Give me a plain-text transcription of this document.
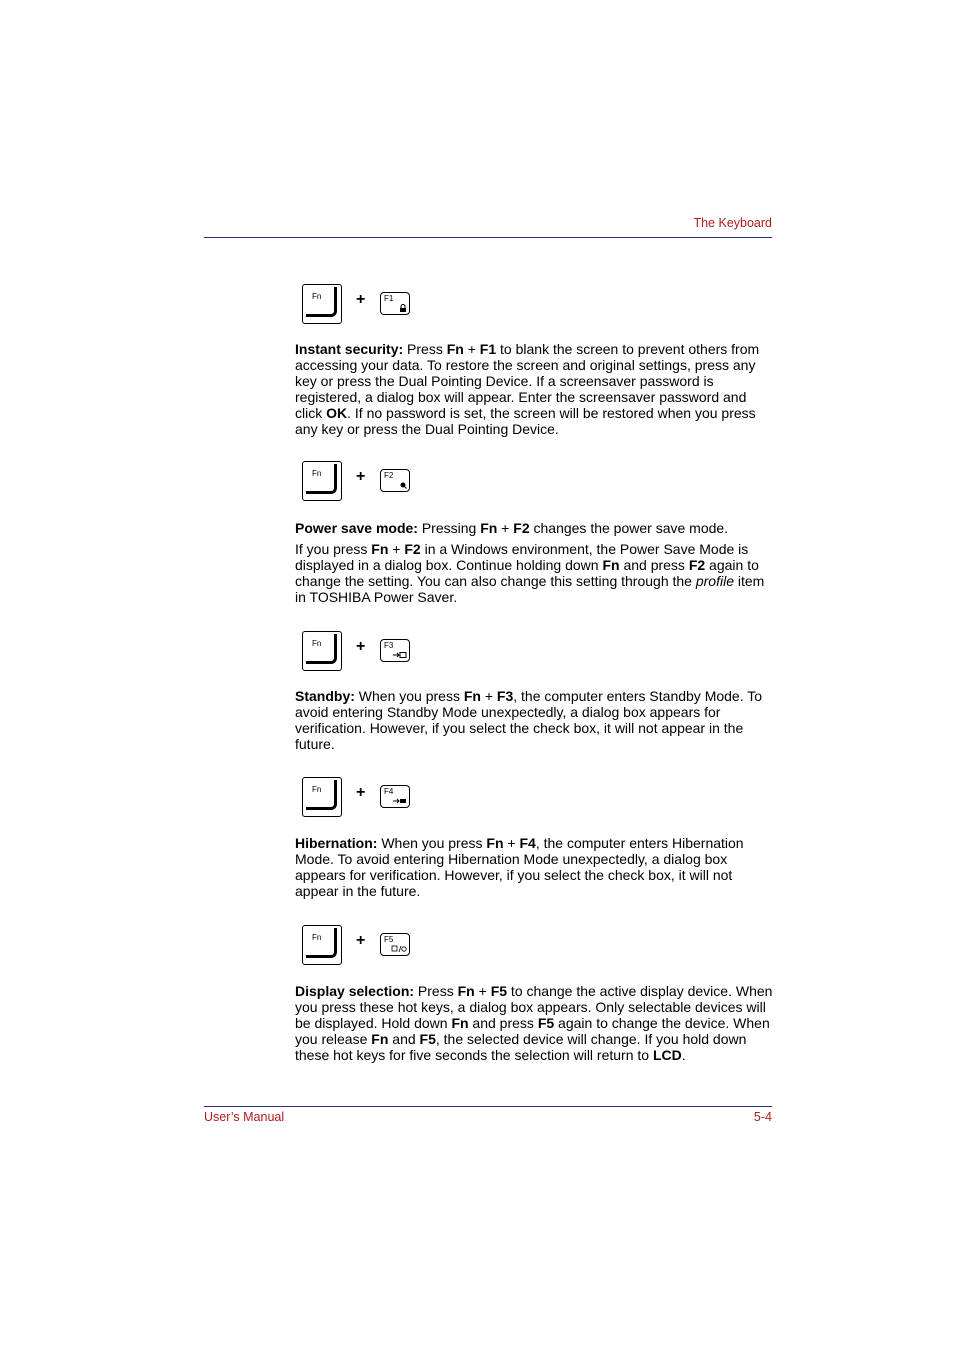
The Keyboard
Fn + F1

Instant security: Press Fn + F1 to blank the screen to prevent others from accessing your data. To restore the screen and original settings, press any key or press the Dual Pointing Device. If a screensaver password is registered, a dialog box will appear. Enter the screensaver password and click OK. If no password is set, the screen will be restored when you press any key or press the Dual Pointing Device.

Fn + F2

Power save mode: Pressing Fn + F2 changes the power save mode.

If you press Fn + F2 in a Windows environment, the Power Save Mode is displayed in a dialog box. Continue holding down Fn and press F2 again to change the setting. You can also change this setting through the profile item in TOSHIBA Power Saver.

Fn + F3

Standby: When you press Fn + F3, the computer enters Standby Mode. To avoid entering Standby Mode unexpectedly, a dialog box appears for verification. However, if you select the check box, it will not appear in the future.

Fn + F4

Hibernation: When you press Fn + F4, the computer enters Hibernation Mode. To avoid entering Hibernation Mode unexpectedly, a dialog box appears for verification. However, if you select the check box, it will not appear in the future.

Fn + F5

Display selection: Press Fn + F5 to change the active display device. When you press these hot keys, a dialog box appears. Only selectable devices will be displayed. Hold down Fn and press F5 again to change the device. When you release Fn and F5, the selected device will change. If you hold down these hot keys for five seconds the selection will return to LCD.

User’s Manual	5-4
